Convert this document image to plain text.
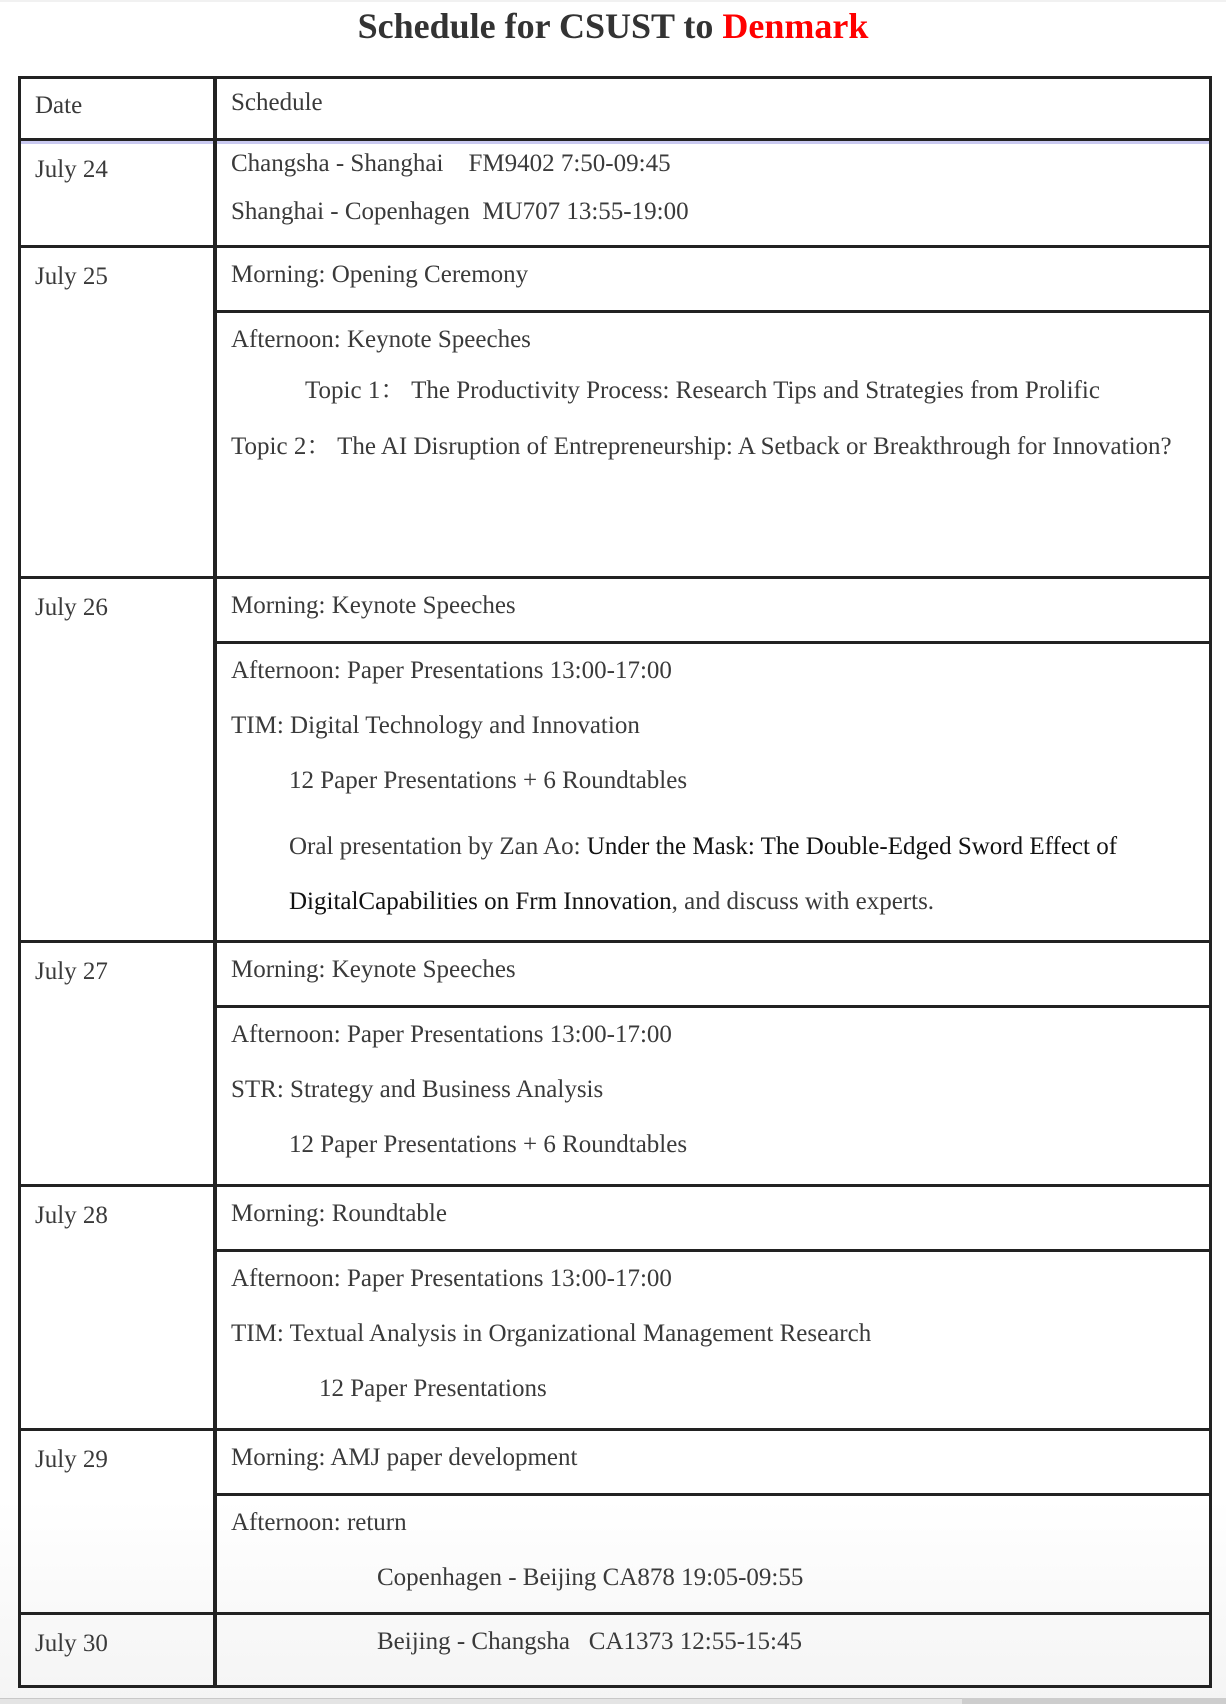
Schedule for CSUST to Denmark
Date	Schedule
July 24	Changsha - Shanghai    FM9402 7:50-09:45
Shanghai - Copenhagen  MU707 13:55-19:00
July 25	Morning: Opening Ceremony
Afternoon: Keynote Speeches
Topic 1： The Productivity Process: Research Tips and Strategies from Prolific
Topic 2： The AI Disruption of Entrepreneurship: A Setback or Breakthrough for Innovation?
July 26	Morning: Keynote Speeches
Afternoon: Paper Presentations 13:00-17:00
TIM: Digital Technology and Innovation
12 Paper Presentations + 6 Roundtables
Oral presentation by Zan Ao: Under the Mask: The Double-Edged Sword Effect of DigitalCapabilities on Frm Innovation, and discuss with experts.
July 27	Morning: Keynote Speeches
Afternoon: Paper Presentations 13:00-17:00
STR: Strategy and Business Analysis
12 Paper Presentations + 6 Roundtables
July 28	Morning: Roundtable
Afternoon: Paper Presentations 13:00-17:00
TIM: Textual Analysis in Organizational Management Research
12 Paper Presentations
July 29	Morning: AMJ paper development
Afternoon: return
Copenhagen - Beijing CA878 19:05-09:55
July 30	Beijing - Changsha   CA1373 12:55-15:45
